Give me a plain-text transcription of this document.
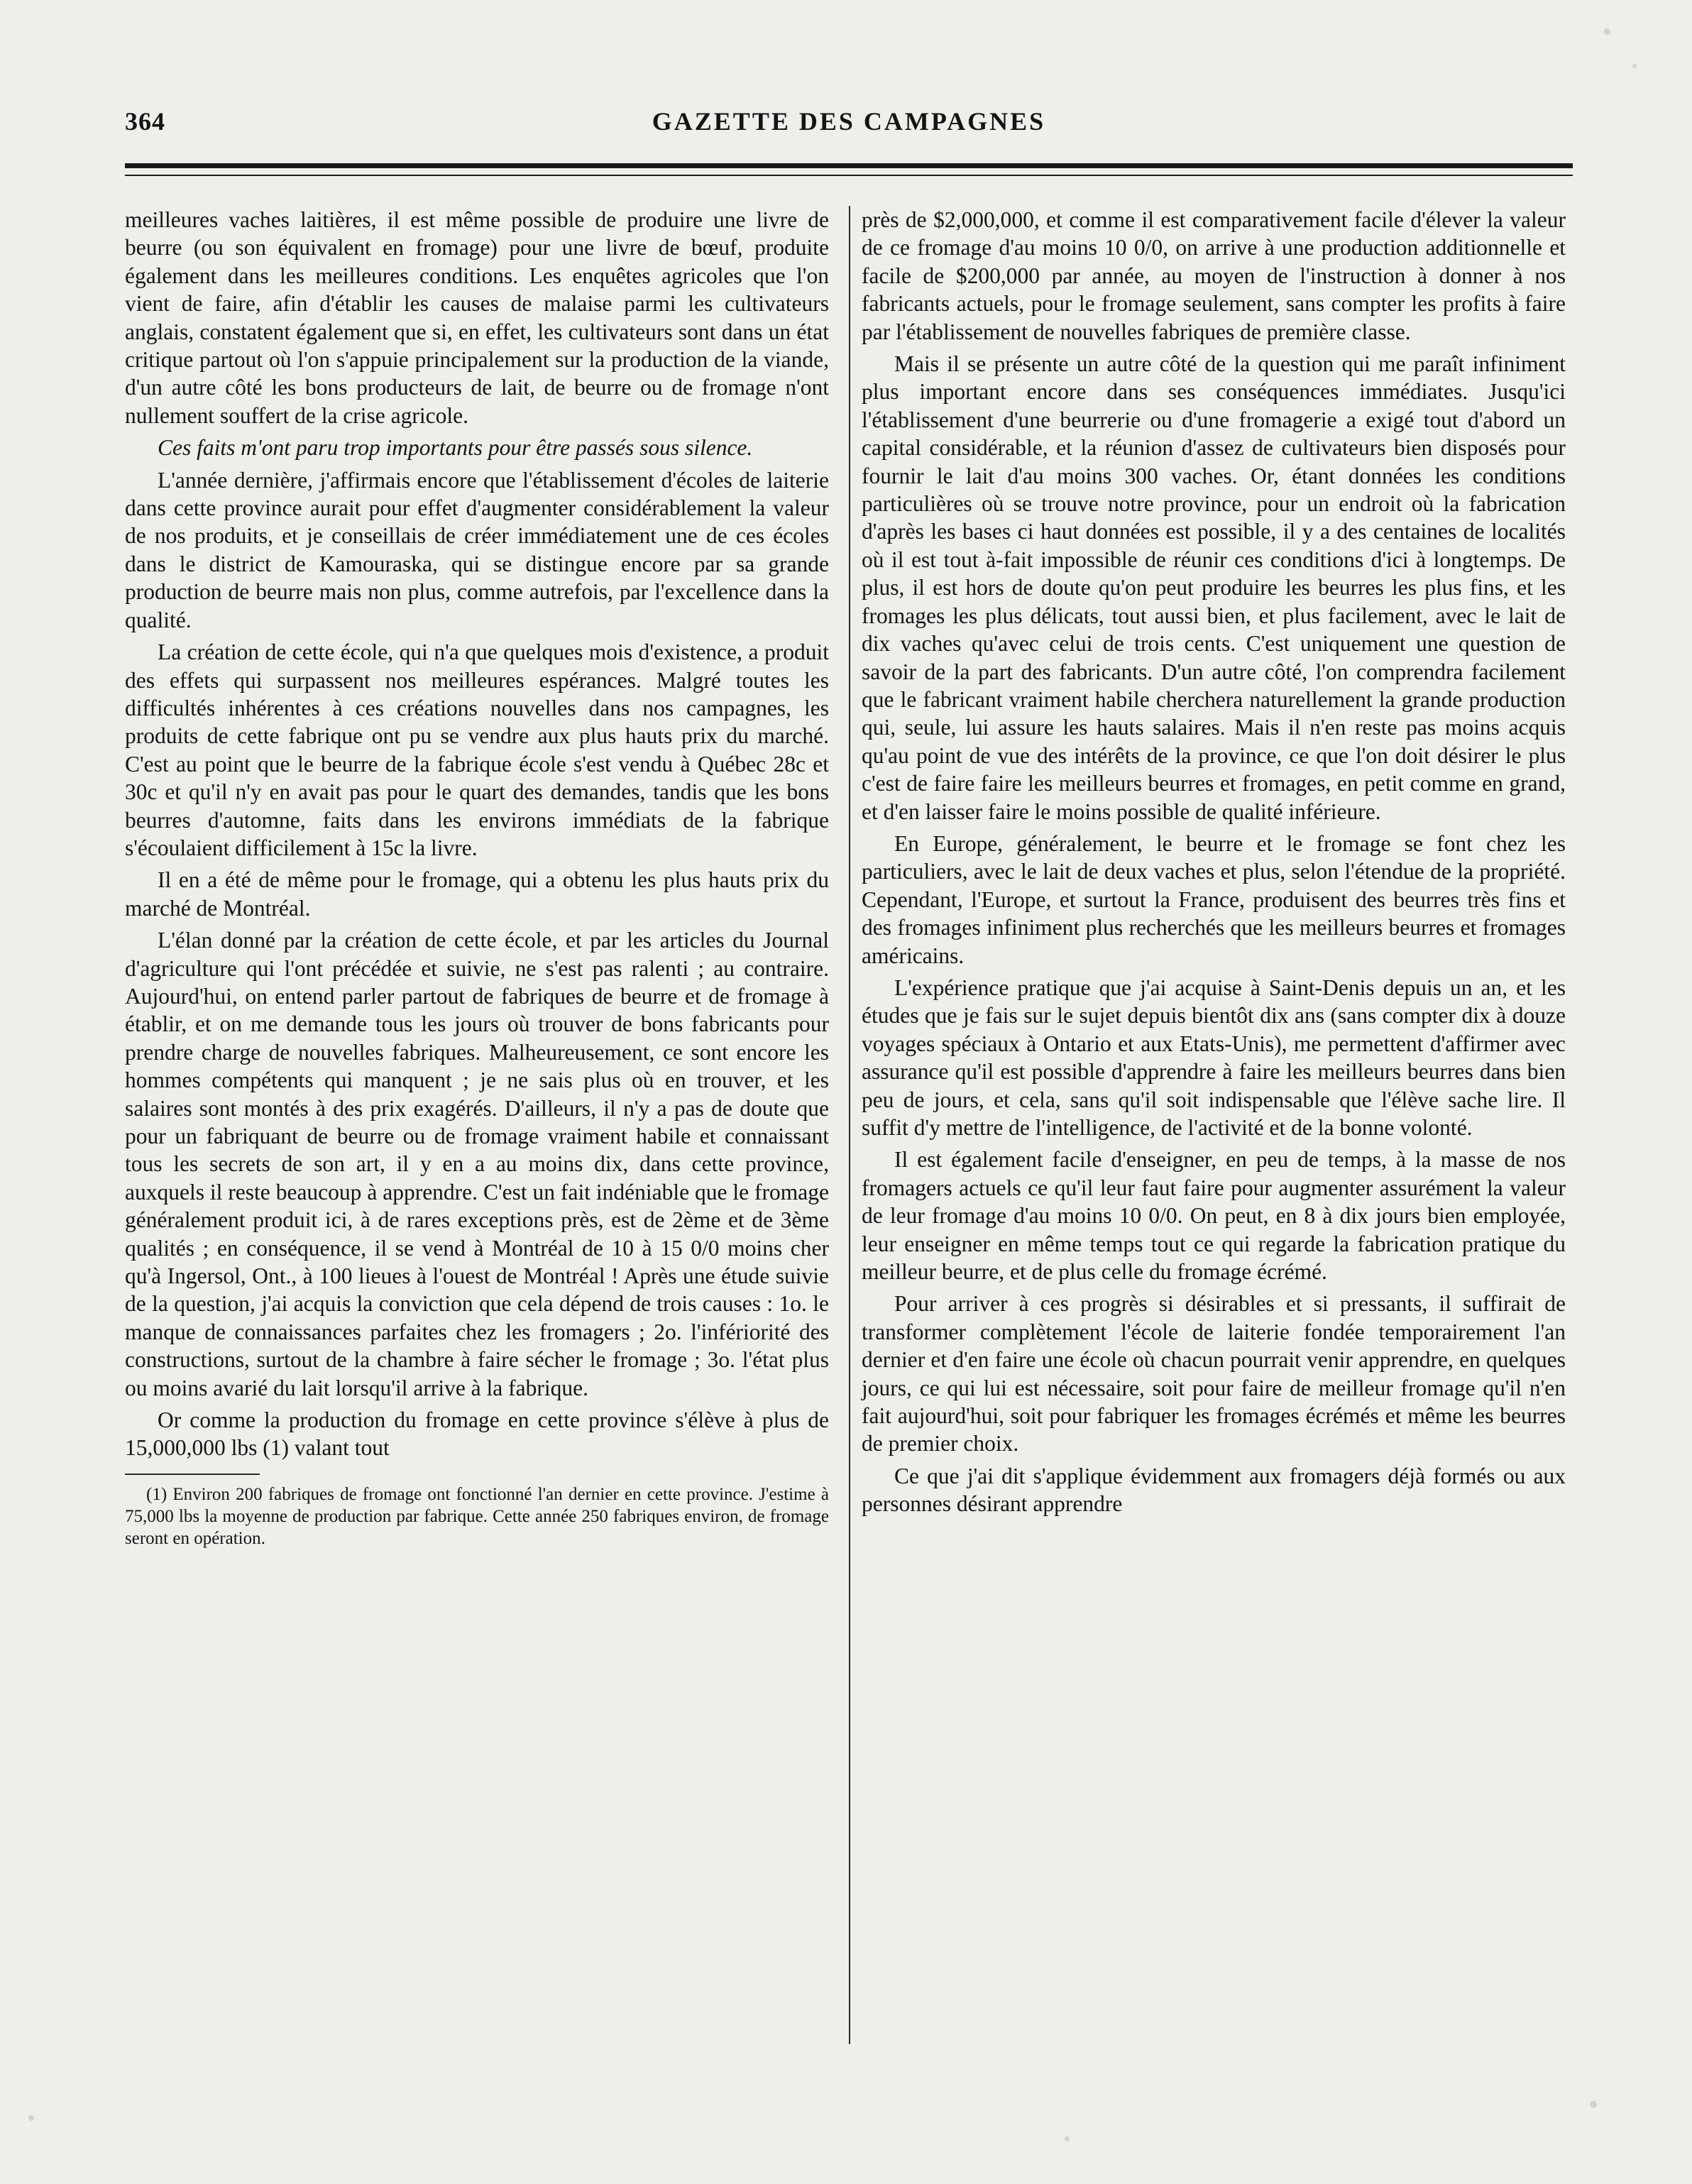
364	GAZETTE DES CAMPAGNES

meilleures vaches laitières, il est même possible de produire une livre de beurre (ou son équivalent en fromage) pour une livre de bœuf, produite également dans les meilleures conditions. Les enquêtes agricoles que l'on vient de faire, afin d'établir les causes de malaise parmi les cultivateurs anglais, constatent également que si, en effet, les cultivateurs sont dans un état critique partout où l'on s'appuie principalement sur la production de la viande, d'un autre côté les bons producteurs de lait, de beurre ou de fromage n'ont nullement souffert de la crise agricole.

Ces faits m'ont paru trop importants pour être passés sous silence.

L'année dernière, j'affirmais encore que l'établissement d'écoles de laiterie dans cette province aurait pour effet d'augmenter considérablement la valeur de nos produits, et je conseillais de créer immédiatement une de ces écoles dans le district de Kamouraska, qui se distingue encore par sa grande production de beurre mais non plus, comme autrefois, par l'excellence dans la qualité.

La création de cette école, qui n'a que quelques mois d'existence, a produit des effets qui surpassent nos meilleures espérances. Malgré toutes les difficultés inhérentes à ces créations nouvelles dans nos campagnes, les produits de cette fabrique ont pu se vendre aux plus hauts prix du marché. C'est au point que le beurre de la fabrique école s'est vendu à Québec 28c et 30c et qu'il n'y en avait pas pour le quart des demandes, tandis que les bons beurres d'automne, faits dans les environs immédiats de la fabrique s'écoulaient difficilement à 15c la livre.

Il en a été de même pour le fromage, qui a obtenu les plus hauts prix du marché de Montréal.

L'élan donné par la création de cette école, et par les articles du Journal d'agriculture qui l'ont précédée et suivie, ne s'est pas ralenti ; au contraire. Aujourd'hui, on entend parler partout de fabriques de beurre et de fromage à établir, et on me demande tous les jours où trouver de bons fabricants pour prendre charge de nouvelles fabriques. Malheureusement, ce sont encore les hommes compétents qui manquent ; je ne sais plus où en trouver, et les salaires sont montés à des prix exagérés. D'ailleurs, il n'y a pas de doute que pour un fabriquant de beurre ou de fromage vraiment habile et connaissant tous les secrets de son art, il y en a au moins dix, dans cette province, auxquels il reste beaucoup à apprendre. C'est un fait indéniable que le fromage généralement produit ici, à de rares exceptions près, est de 2ème et de 3ème qualités ; en conséquence, il se vend à Montréal de 10 à 15 0/0 moins cher qu'à Ingersol, Ont., à 100 lieues à l'ouest de Montréal ! Après une étude suivie de la question, j'ai acquis la conviction que cela dépend de trois causes : 1o. le manque de connaissances parfaites chez les fromagers ; 2o. l'infériorité des constructions, surtout de la chambre à faire sécher le fromage ; 3o. l'état plus ou moins avarié du lait lorsqu'il arrive à la fabrique.

Or comme la production du fromage en cette province s'élève à plus de 15,000,000 lbs (1) valant tout

(1) Environ 200 fabriques de fromage ont fonctionné l'an dernier en cette province. J'estime à 75,000 lbs la moyenne de production par fabrique. Cette année 250 fabriques environ, de fromage seront en opération.

près de $2,000,000, et comme il est comparativement facile d'élever la valeur de ce fromage d'au moins 10 0/0, on arrive à une production additionnelle et facile de $200,000 par année, au moyen de l'instruction à donner à nos fabricants actuels, pour le fromage seulement, sans compter les profits à faire par l'établissement de nouvelles fabriques de première classe.

Mais il se présente un autre côté de la question qui me paraît infiniment plus important encore dans ses conséquences immédiates. Jusqu'ici l'établissement d'une beurrerie ou d'une fromagerie a exigé tout d'abord un capital considérable, et la réunion d'assez de cultivateurs bien disposés pour fournir le lait d'au moins 300 vaches. Or, étant données les conditions particulières où se trouve notre province, pour un endroit où la fabrication d'après les bases ci haut données est possible, il y a des centaines de localités où il est tout à-fait impossible de réunir ces conditions d'ici à longtemps. De plus, il est hors de doute qu'on peut produire les beurres les plus fins, et les fromages les plus délicats, tout aussi bien, et plus facilement, avec le lait de dix vaches qu'avec celui de trois cents. C'est uniquement une question de savoir de la part des fabricants. D'un autre côté, l'on comprendra facilement que le fabricant vraiment habile cherchera naturellement la grande production qui, seule, lui assure les hauts salaires. Mais il n'en reste pas moins acquis qu'au point de vue des intérêts de la province, ce que l'on doit désirer le plus c'est de faire faire les meilleurs beurres et fromages, en petit comme en grand, et d'en laisser faire le moins possible de qualité inférieure.

En Europe, généralement, le beurre et le fromage se font chez les particuliers, avec le lait de deux vaches et plus, selon l'étendue de la propriété. Cependant, l'Europe, et surtout la France, produisent des beurres très fins et des fromages infiniment plus recherchés que les meilleurs beurres et fromages américains.

L'expérience pratique que j'ai acquise à Saint-Denis depuis un an, et les études que je fais sur le sujet depuis bientôt dix ans (sans compter dix à douze voyages spéciaux à Ontario et aux Etats-Unis), me permettent d'affirmer avec assurance qu'il est possible d'apprendre à faire les meilleurs beurres dans bien peu de jours, et cela, sans qu'il soit indispensable que l'élève sache lire. Il suffit d'y mettre de l'intelligence, de l'activité et de la bonne volonté.

Il est également facile d'enseigner, en peu de temps, à la masse de nos fromagers actuels ce qu'il leur faut faire pour augmenter assurément la valeur de leur fromage d'au moins 10 0/0. On peut, en 8 à dix jours bien employée, leur enseigner en même temps tout ce qui regarde la fabrication pratique du meilleur beurre, et de plus celle du fromage écrémé.

Pour arriver à ces progrès si désirables et si pressants, il suffirait de transformer complètement l'école de laiterie fondée temporairement l'an dernier et d'en faire une école où chacun pourrait venir apprendre, en quelques jours, ce qui lui est nécessaire, soit pour faire de meilleur fromage qu'il n'en fait aujourd'hui, soit pour fabriquer les fromages écrémés et même les beurres de premier choix.

Ce que j'ai dit s'applique évidemment aux fromagers déjà formés ou aux personnes désirant apprendre
